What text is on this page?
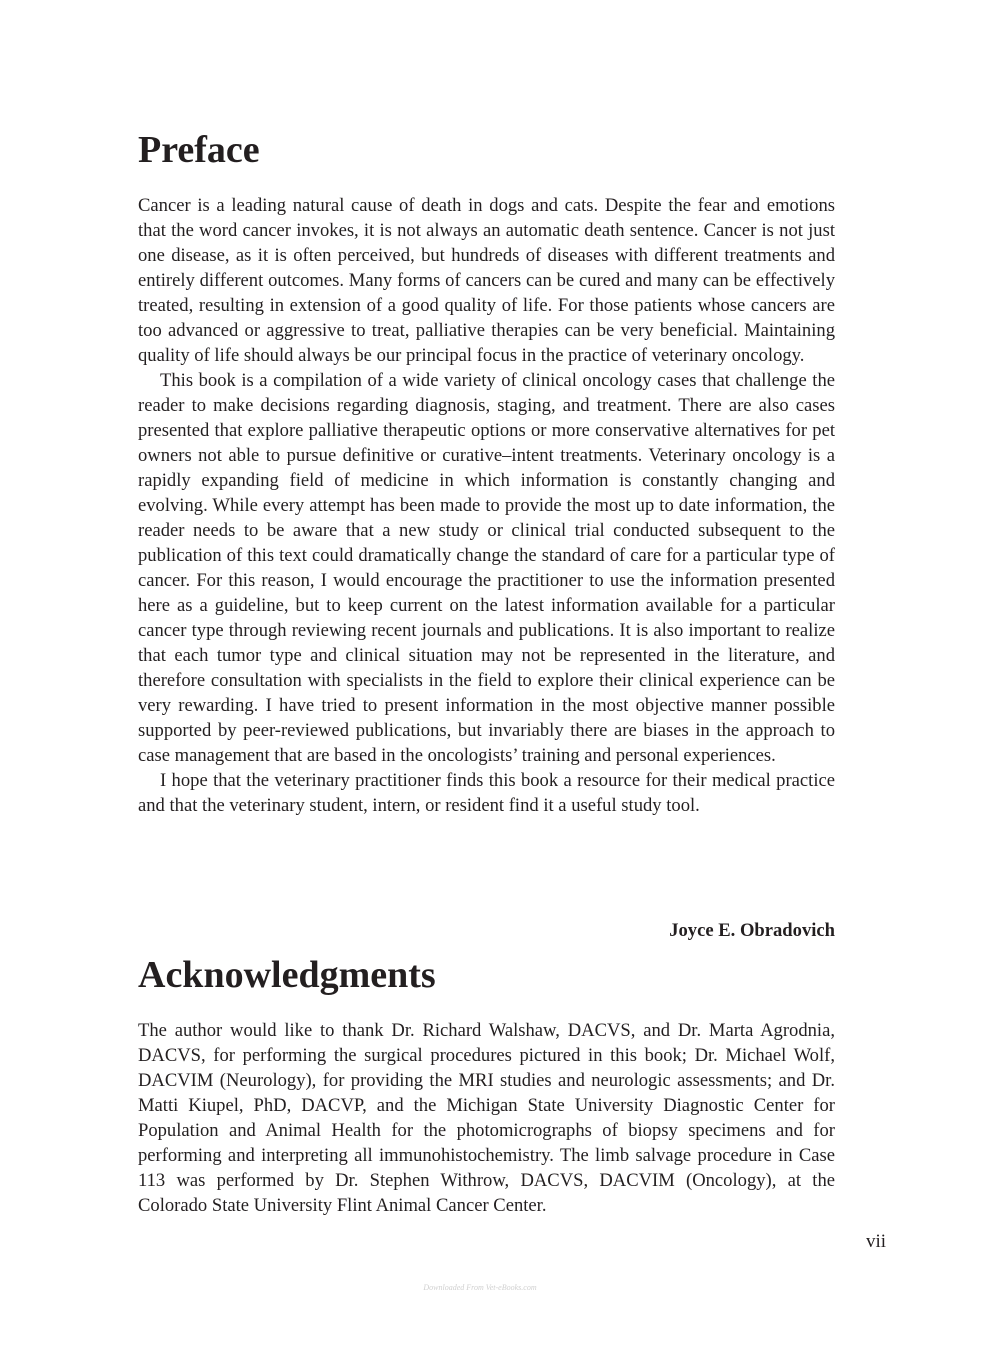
Preface

Cancer is a leading natural cause of death in dogs and cats. Despite the fear and emotions that the word cancer invokes, it is not always an automatic death sentence. Cancer is not just one disease, as it is often perceived, but hundreds of diseases with different treatments and entirely different outcomes. Many forms of cancers can be cured and many can be effectively treated, resulting in extension of a good quality of life. For those patients whose cancers are too advanced or aggressive to treat, palliative therapies can be very beneficial. Maintaining quality of life should always be our principal focus in the practice of veterinary oncology.

This book is a compilation of a wide variety of clinical oncology cases that challenge the reader to make decisions regarding diagnosis, staging, and treatment. There are also cases presented that explore palliative therapeutic options or more conservative alternatives for pet owners not able to pursue definitive or curative–intent treatments. Veterinary oncology is a rapidly expanding field of medicine in which information is constantly changing and evolving. While every attempt has been made to provide the most up to date information, the reader needs to be aware that a new study or clinical trial conducted subsequent to the publication of this text could dramatically change the standard of care for a particular type of cancer. For this reason, I would encourage the practitioner to use the information presented here as a guideline, but to keep current on the latest information available for a particular cancer type through reviewing recent journals and publications. It is also important to realize that each tumor type and clinical situation may not be represented in the literature, and therefore consultation with specialists in the field to explore their clinical experience can be very rewarding. I have tried to present information in the most objective manner possible supported by peer-reviewed publications, but invariably there are biases in the approach to case management that are based in the oncologists’ training and personal experiences.

I hope that the veterinary practitioner finds this book a resource for their medical practice and that the veterinary student, intern, or resident find it a useful study tool.

Joyce E. Obradovich
Acknowledgments

The author would like to thank Dr. Richard Walshaw, DACVS, and Dr. Marta Agrodnia, DACVS, for performing the surgical procedures pictured in this book; Dr. Michael Wolf, DACVIM (Neurology), for providing the MRI studies and neurologic assessments; and Dr. Matti Kiupel, PhD, DACVP, and the Michigan State University Diagnostic Center for Population and Animal Health for the photomicrographs of biopsy specimens and for performing and interpreting all immunohistochemistry. The limb salvage procedure in Case 113 was performed by Dr. Stephen Withrow, DACVS, DACVIM (Oncology), at the Colorado State University Flint Animal Cancer Center.

vii
Downloaded From Vet-eBooks.com
